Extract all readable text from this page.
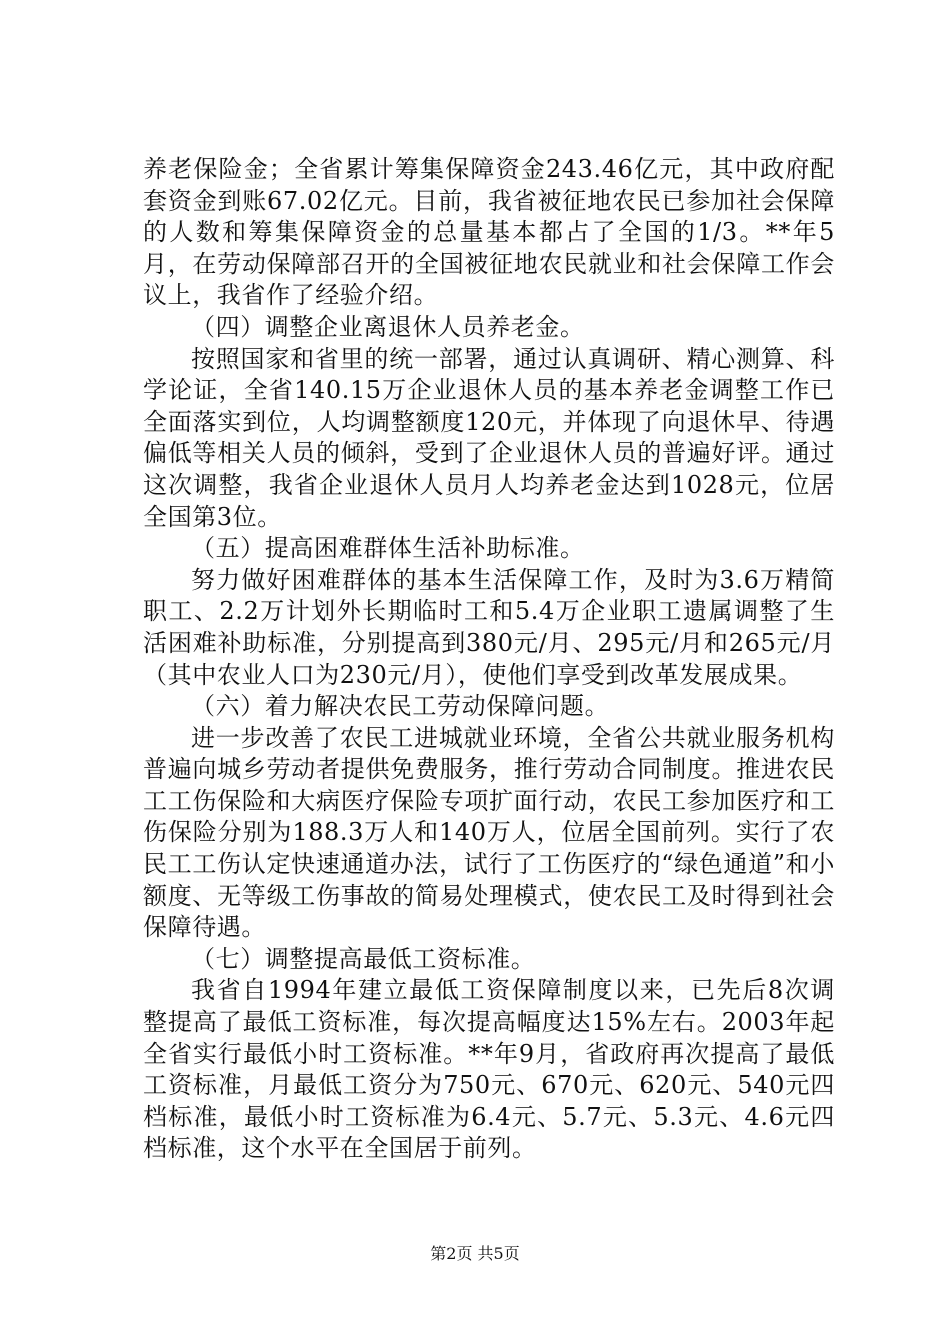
养老保险金；全省累计筹集保障资金243.46亿元，其中政府配套资金到账67.02亿元。目前，我省被征地农民已参加社会保障的人数和筹集保障资金的总量基本都占了全国的1/3。**年5月，在劳动保障部召开的全国被征地农民就业和社会保障工作会议上，我省作了经验介绍。

（四）调整企业离退休人员养老金。

按照国家和省里的统一部署，通过认真调研、精心测算、科学论证，全省140.15万企业退休人员的基本养老金调整工作已全面落实到位，人均调整额度120元，并体现了向退休早、待遇偏低等相关人员的倾斜，受到了企业退休人员的普遍好评。通过这次调整，我省企业退休人员月人均养老金达到1028元，位居全国第3位。

（五）提高困难群体生活补助标准。

努力做好困难群体的基本生活保障工作，及时为3.6万精简职工、2.2万计划外长期临时工和5.4万企业职工遗属调整了生活困难补助标准，分别提高到380元/月、295元/月和265元/月（其中农业人口为230元/月），使他们享受到改革发展成果。

（六）着力解决农民工劳动保障问题。

进一步改善了农民工进城就业环境，全省公共就业服务机构普遍向城乡劳动者提供免费服务，推行劳动合同制度。推进农民工工伤保险和大病医疗保险专项扩面行动，农民工参加医疗和工伤保险分别为188.3万人和140万人，位居全国前列。实行了农民工工伤认定快速通道办法，试行了工伤医疗的“绿色通道”和小额度、无等级工伤事故的简易处理模式，使农民工及时得到社会保障待遇。

（七）调整提高最低工资标准。

我省自1994年建立最低工资保障制度以来，已先后8次调整提高了最低工资标准，每次提高幅度达15%左右。2003年起全省实行最低小时工资标准。**年9月，省政府再次提高了最低工资标准，月最低工资分为750元、670元、620元、540元四档标准，最低小时工资标准为6.4元、5.7元、5.3元、4.6元四档标准，这个水平在全国居于前列。

第2页 共5页
